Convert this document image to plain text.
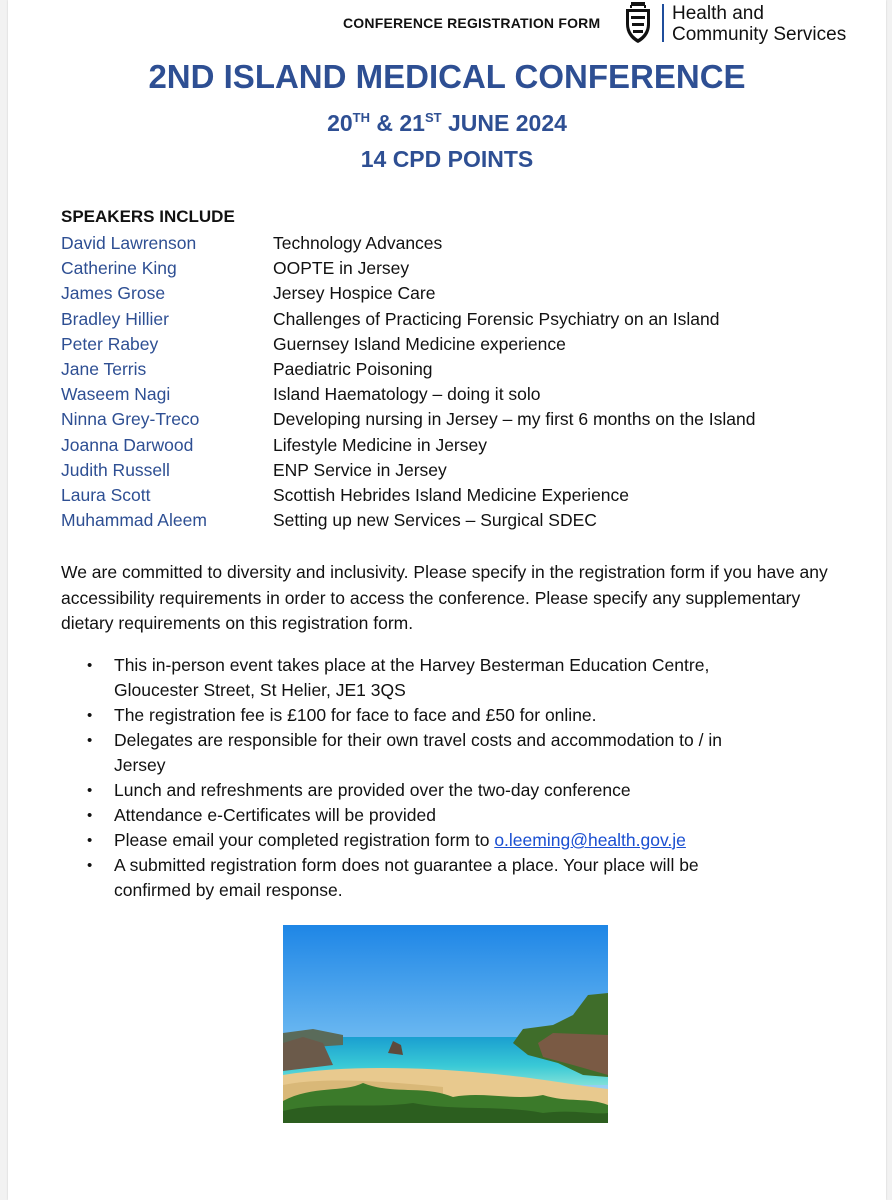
CONFERENCE REGISTRATION FORM	Health and
Community Services
2ND ISLAND MEDICAL CONFERENCE
20TH & 21ST JUNE 2024
14 CPD POINTS
SPEAKERS INCLUDE
David Lawrenson	Technology Advances
Catherine King	OOPTE in Jersey
James Grose	Jersey Hospice Care
Bradley Hillier	Challenges of Practicing Forensic Psychiatry on an Island
Peter Rabey	Guernsey Island Medicine experience
Jane Terris	Paediatric Poisoning
Waseem Nagi	Island Haematology – doing it solo
Ninna Grey-Treco	Developing nursing in Jersey – my first 6 months on the Island
Joanna Darwood	Lifestyle Medicine in Jersey
Judith Russell	ENP Service in Jersey
Laura Scott	Scottish Hebrides Island Medicine Experience
Muhammad Aleem	Setting up new Services – Surgical SDEC
We are committed to diversity and inclusivity. Please specify in the registration form if you have any accessibility requirements in order to access the conference. Please specify any supplementary dietary requirements on this registration form.
• This in-person event takes place at the Harvey Besterman Education Centre, Gloucester Street, St Helier, JE1 3QS
• The registration fee is £100 for face to face and £50 for online.
• Delegates are responsible for their own travel costs and accommodation to / in Jersey
• Lunch and refreshments are provided over the two-day conference
• Attendance e-Certificates will be provided
• Please email your completed registration form to o.leeming@health.gov.je
• A submitted registration form does not guarantee a place. Your place will be confirmed by email response.
